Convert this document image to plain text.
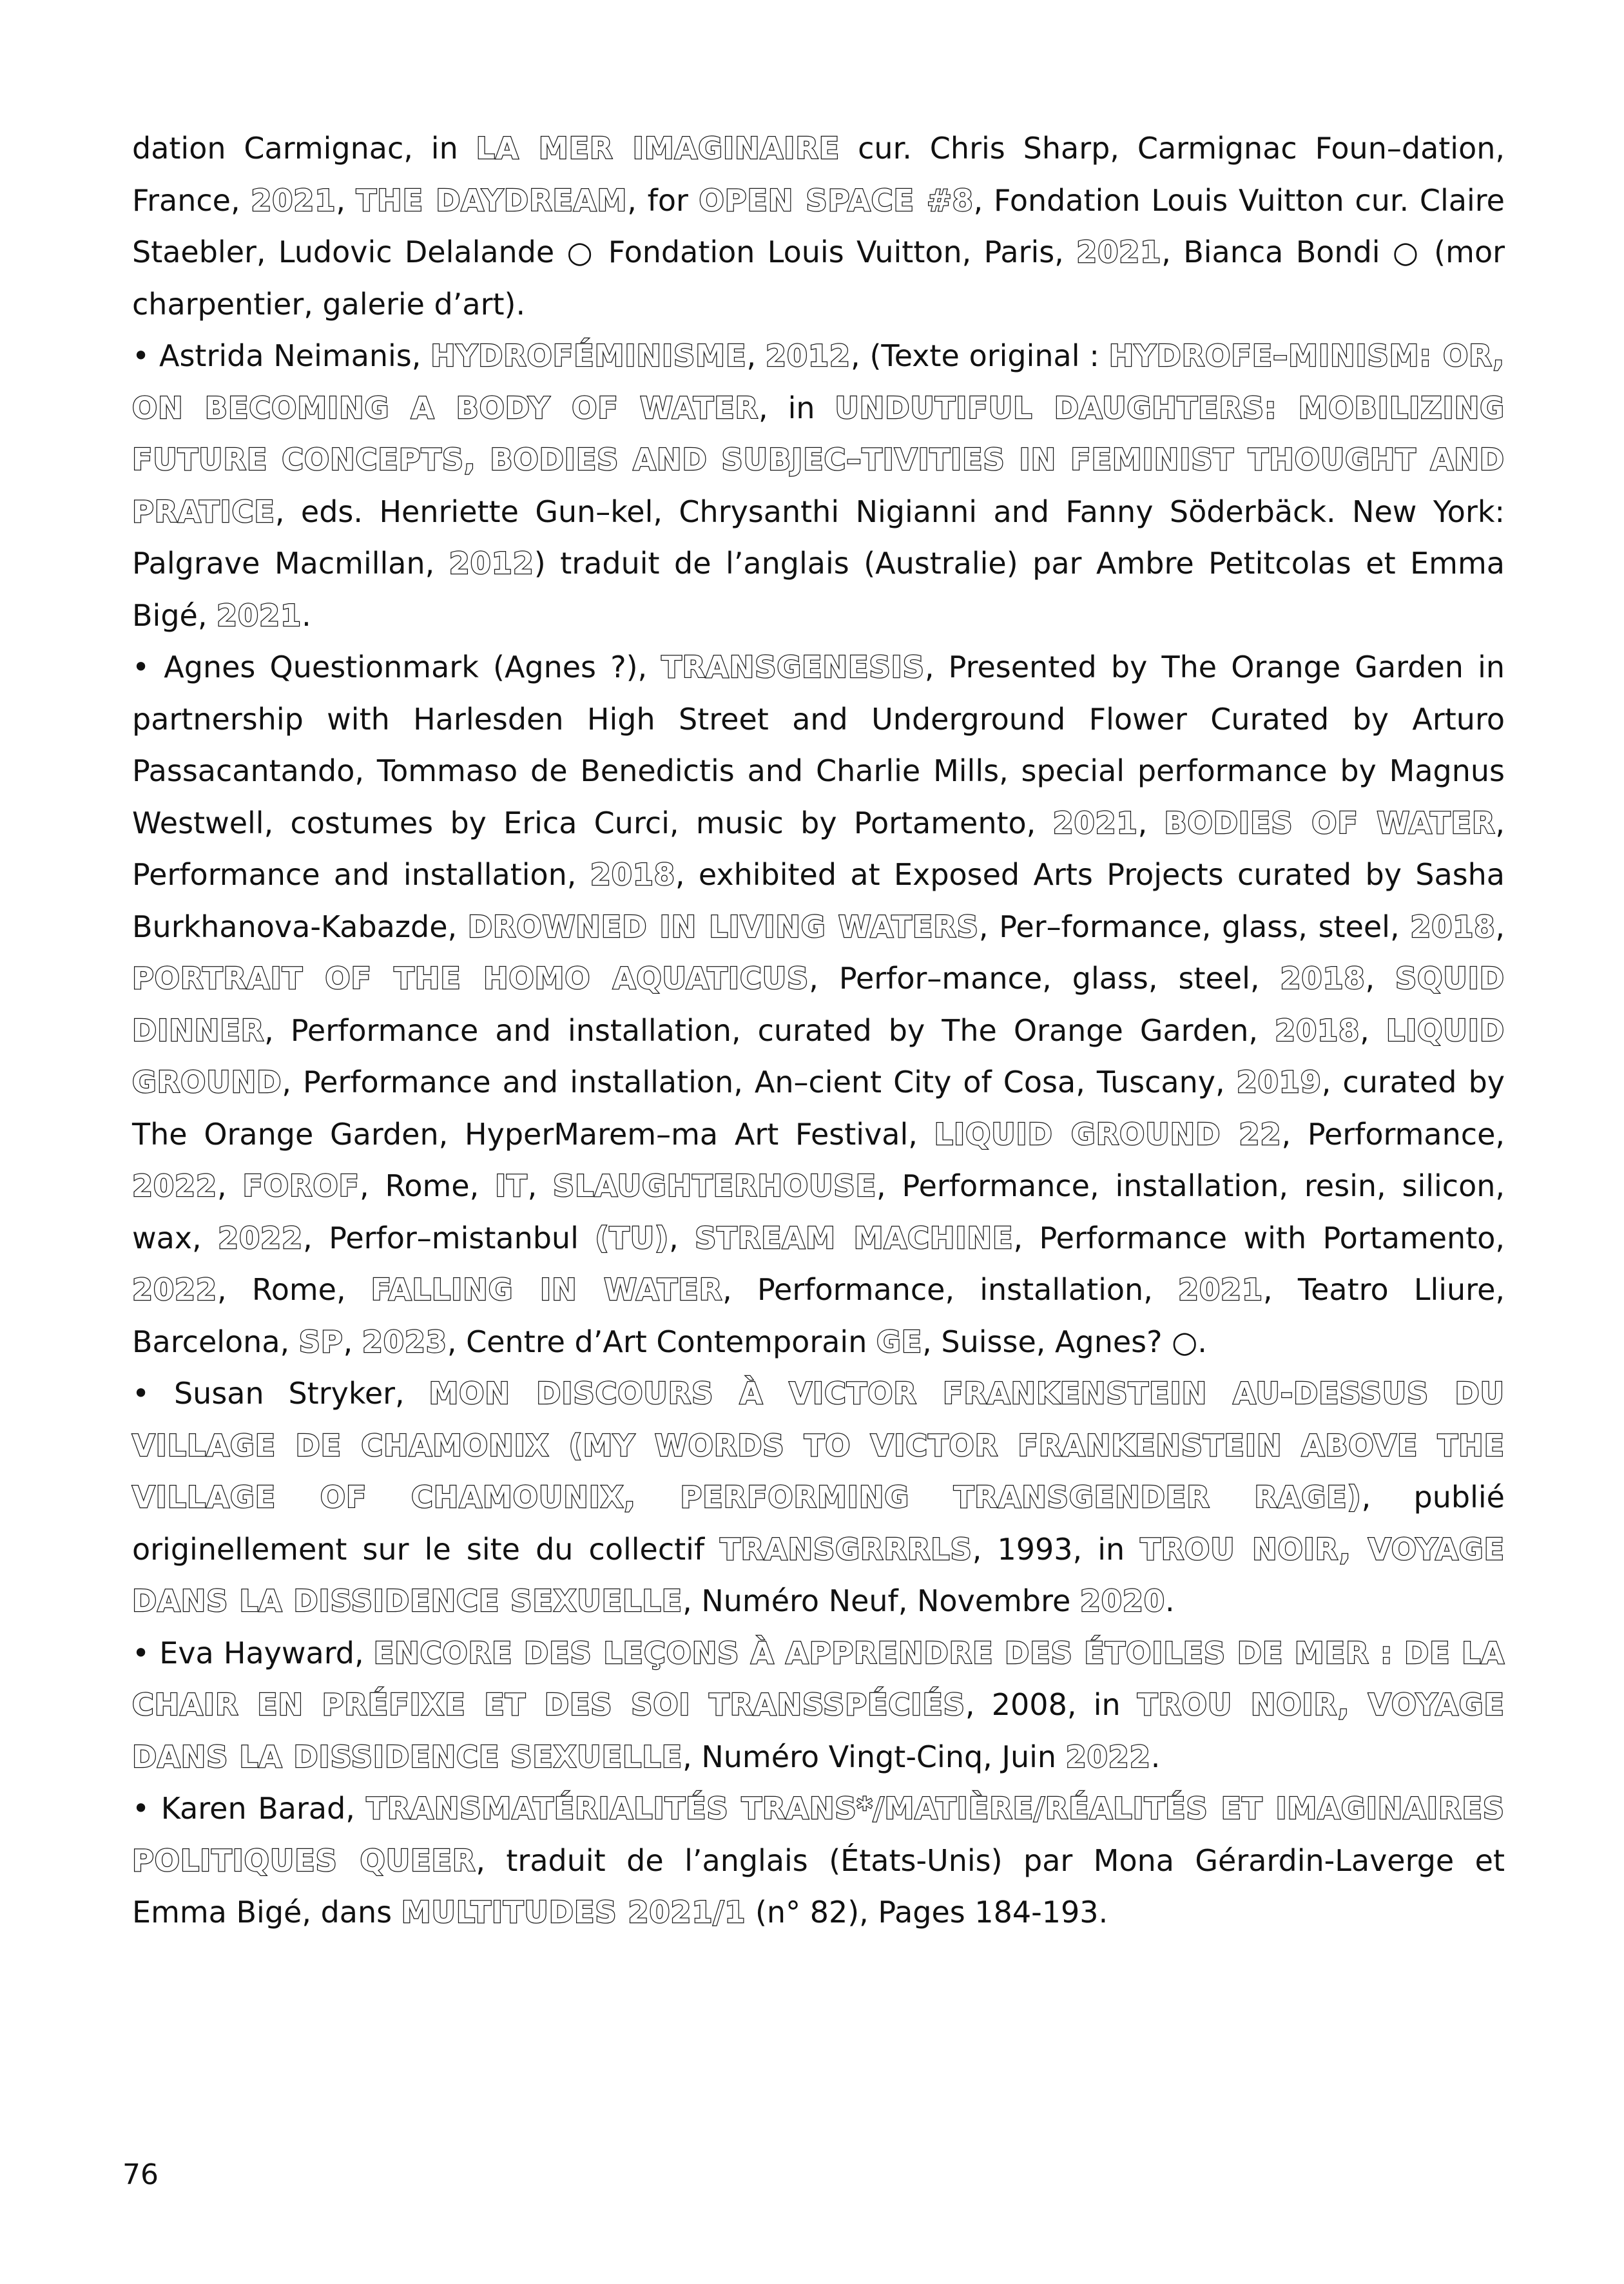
dation Carmignac, in LA MER IMAGINAIRE cur. Chris Sharp, Carmignac Foun–dation, France, 2021, THE DAYDREAM, for OPEN SPACE #8, Fondation Louis Vuitton cur. Claire Staebler, Ludovic Delalande ○ Fondation Louis Vuitton, Paris, 2021, Bianca Bondi ○ (mor charpentier, galerie d’art).
• Astrida Neimanis, HYDROFÉMINISME, 2012, (Texte original : HYDROFE–MINISM: OR, ON BECOMING A BODY OF WATER, in UNDUTIFUL DAUGHTERS: MOBILIZING FUTURE CONCEPTS, BODIES AND SUBJEC–TIVITIES IN FEMINIST THOUGHT AND PRATICE, eds. Henriette Gun–kel, Chrysanthi Nigianni and Fanny Söderbäck. New York: Palgrave Macmillan, 2012) traduit de l’anglais (Australie) par Ambre Petitcolas et Emma Bigé, 2021.
• Agnes Questionmark (Agnes ?), TRANSGENESIS, Presented by The Orange Garden in partnership with Harlesden High Street and Underground Flower Curated by Arturo Passacantando, Tommaso de Benedictis and Charlie Mills, special performance by Magnus Westwell, costumes by Erica Curci, music by Portamento, 2021, BODIES OF WATER, Performance and installation, 2018, exhibited at Exposed Arts Projects curated by Sasha Burkhanova-Kabazde, DROWNED IN LIVING WATERS, Per–formance, glass, steel, 2018, PORTRAIT OF THE HOMO AQUATICUS, Perfor–mance, glass, steel, 2018, SQUID DINNER, Performance and installation, curated by The Orange Garden, 2018, LIQUID GROUND, Performance and installation, An–cient City of Cosa, Tuscany, 2019, curated by The Orange Garden, HyperMarem–ma Art Festival, LIQUID GROUND 22, Performance, 2022, FOROF, Rome, IT, SLAUGHTERHOUSE, Performance, installation, resin, silicon, wax, 2022, Perfor–mistanbul (TU), STREAM MACHINE, Performance with Portamento, 2022, Rome, FALLING IN WATER, Performance, installation, 2021, Teatro Lliure, Barcelona, SP, 2023, Centre d’Art Contemporain GE, Suisse, Agnes? ○.
• Susan Stryker, MON DISCOURS À VICTOR FRANKENSTEIN AU-DESSUS DU VILLAGE DE CHAMONIX (MY WORDS TO VICTOR FRANKENSTEIN ABOVE THE VILLAGE OF CHAMOUNIX, PERFORMING TRANSGENDER RAGE), publié originellement sur le site du collectif TRANSGRRRLS, 1993, in TROU NOIR, VOYAGE DANS LA DISSIDENCE SEXUELLE, Numéro Neuf, Novembre 2020.
• Eva Hayward, ENCORE DES LEÇONS À APPRENDRE DES ÉTOILES DE MER : DE LA CHAIR EN PRÉFIXE ET DES SOI TRANSSPÉCIÉS, 2008, in TROU NOIR, VOYAGE DANS LA DISSIDENCE SEXUELLE, Numéro Vingt-Cinq, Juin 2022.
• Karen Barad, TRANSMATÉRIALITÉS TRANS*/MATIÈRE/RÉALITÉS ET IMAGINAIRES POLITIQUES QUEER, traduit de l’anglais (États-Unis) par Mona Gérardin-Laverge et Emma Bigé, dans MULTITUDES 2021/1 (n° 82), Pages 184-193.
76
